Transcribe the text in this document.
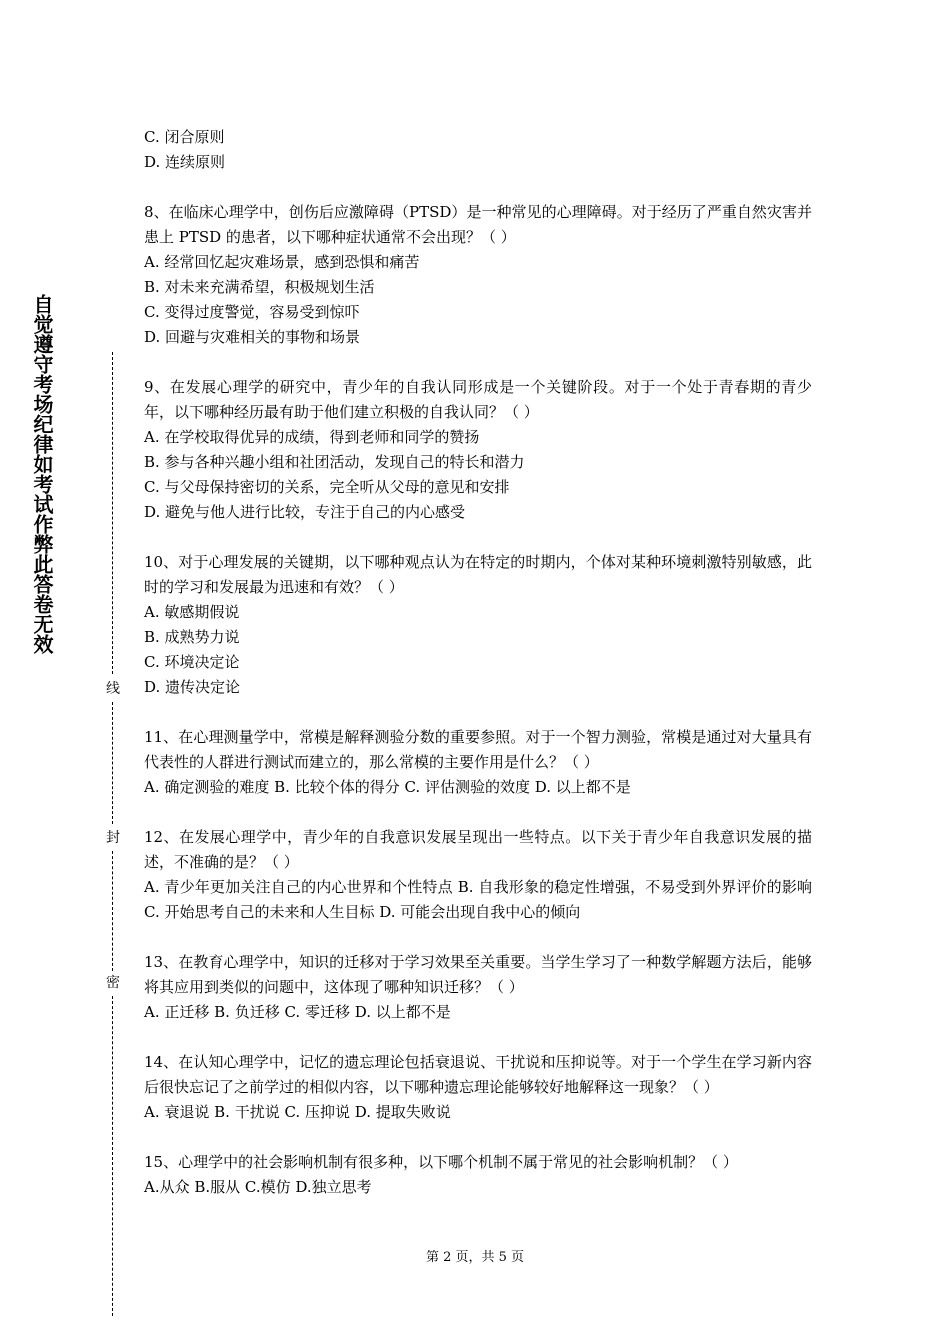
自觉遵守考场纪律如考试作弊此答卷无效
线
封
密
C. 闭合原则
D. 连续原则
8、在临床心理学中，创伤后应激障碍（PTSD）是一种常见的心理障碍。对于经历了严重自然灾害并患上 PTSD 的患者，以下哪种症状通常不会出现？（ ）
A. 经常回忆起灾难场景，感到恐惧和痛苦
B. 对未来充满希望，积极规划生活
C. 变得过度警觉，容易受到惊吓
D. 回避与灾难相关的事物和场景
9、在发展心理学的研究中，青少年的自我认同形成是一个关键阶段。对于一个处于青春期的青少年，以下哪种经历最有助于他们建立积极的自我认同？（ ）
A. 在学校取得优异的成绩，得到老师和同学的赞扬
B. 参与各种兴趣小组和社团活动，发现自己的特长和潜力
C. 与父母保持密切的关系，完全听从父母的意见和安排
D. 避免与他人进行比较，专注于自己的内心感受
10、对于心理发展的关键期，以下哪种观点认为在特定的时期内，个体对某种环境刺激特别敏感，此时的学习和发展最为迅速和有效？（ ）
A. 敏感期假说
B. 成熟势力说
C. 环境决定论
D. 遗传决定论
11、在心理测量学中，常模是解释测验分数的重要参照。对于一个智力测验，常模是通过对大量具有代表性的人群进行测试而建立的，那么常模的主要作用是什么？（ ）
A. 确定测验的难度 B. 比较个体的得分 C. 评估测验的效度 D. 以上都不是
12、在发展心理学中，青少年的自我意识发展呈现出一些特点。以下关于青少年自我意识发展的描述，不准确的是？（ ）
A. 青少年更加关注自己的内心世界和个性特点 B. 自我形象的稳定性增强，不易受到外界评价的影响 C. 开始思考自己的未来和人生目标 D. 可能会出现自我中心的倾向
13、在教育心理学中，知识的迁移对于学习效果至关重要。当学生学习了一种数学解题方法后，能够将其应用到类似的问题中，这体现了哪种知识迁移？（ ）
A. 正迁移 B. 负迁移 C. 零迁移 D. 以上都不是
14、在认知心理学中，记忆的遗忘理论包括衰退说、干扰说和压抑说等。对于一个学生在学习新内容后很快忘记了之前学过的相似内容，以下哪种遗忘理论能够较好地解释这一现象？（ ）
A. 衰退说 B. 干扰说 C. 压抑说 D. 提取失败说
15、心理学中的社会影响机制有很多种，以下哪个机制不属于常见的社会影响机制？（ ）
A.从众 B.服从 C.模仿 D.独立思考
第 2 页，共 5 页
